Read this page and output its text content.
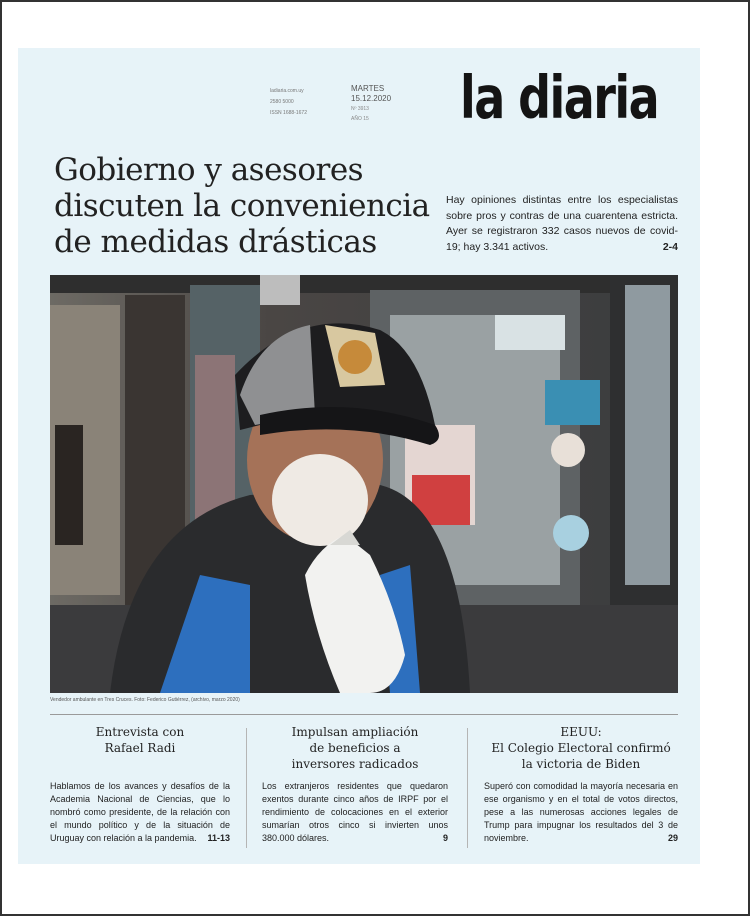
ladiaria.com.uy
2580 5000
ISSN 1688-1672
MARTES
15.12.2020
Nº 3913
AÑO 15	la diaria
Gobierno y asesores
discuten la conveniencia
de medidas drásticas
Hay opiniones distintas entre los especialistas sobre pros y contras de una cuarentena estricta. Ayer se registraron 332 casos nuevos de covid-19; hay 3.341 activos.	2-4
Vendedor ambulante en Tres Cruces. Foto: Federico Gutiérrez, (archivo, marzo 2020)
Entrevista con
Rafael Radi
Hablamos de los avances y desafíos de la Academia Nacional de Ciencias, que lo nombró como presidente, de la relación con el mundo político y de la situación de Uruguay con relación a la pandemia. 11-13
Impulsan ampliación
de beneficios a
inversores radicados
Los extranjeros residentes que quedaron exentos durante cinco años de IRPF por el rendimiento de colocaciones en el exterior sumarían otros cinco si invierten unos 380.000 dólares.	9
EEUU:
El Colegio Electoral confirmó
la victoria de Biden
Superó con comodidad la mayoría necesaria en ese organismo y en el total de votos directos, pese a las numerosas acciones legales de Trump para impugnar los resultados del 3 de noviembre.	29
